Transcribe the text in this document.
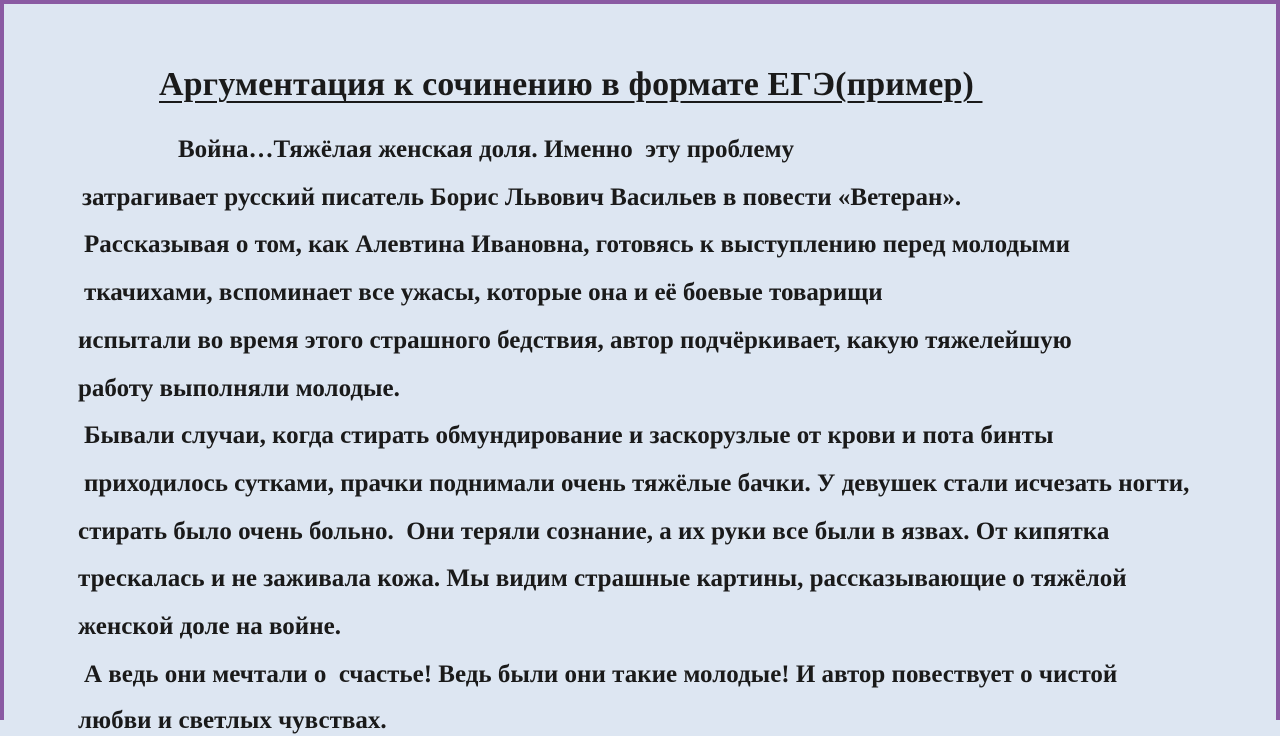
Аргументация к сочинению в формате ЕГЭ(пример)
Война…Тяжёлая женская доля. Именно  эту проблему
затрагивает русский писатель Борис Львович Васильев в повести «Ветеран».
Рассказывая о том, как Алевтина Ивановна, готовясь к выступлению перед молодыми
ткачихами, вспоминает все ужасы, которые она и её боевые товарищи
испытали во время этого страшного бедствия, автор подчёркивает, какую тяжелейшую
работу выполняли молодые.
Бывали случаи, когда стирать обмундирование и заскорузлые от крови и пота бинты
приходилось сутками, прачки поднимали очень тяжёлые бачки. У девушек стали исчезать ногти,
стирать было очень больно.  Они теряли сознание, а их руки все были в язвах. От кипятка
трескалась и не заживала кожа. Мы видим страшные картины, рассказывающие о тяжёлой
женской доле на войне.
А ведь они мечтали о  счастье! Ведь были они такие молодые! И автор повествует о чистой
любви и светлых чувствах.
